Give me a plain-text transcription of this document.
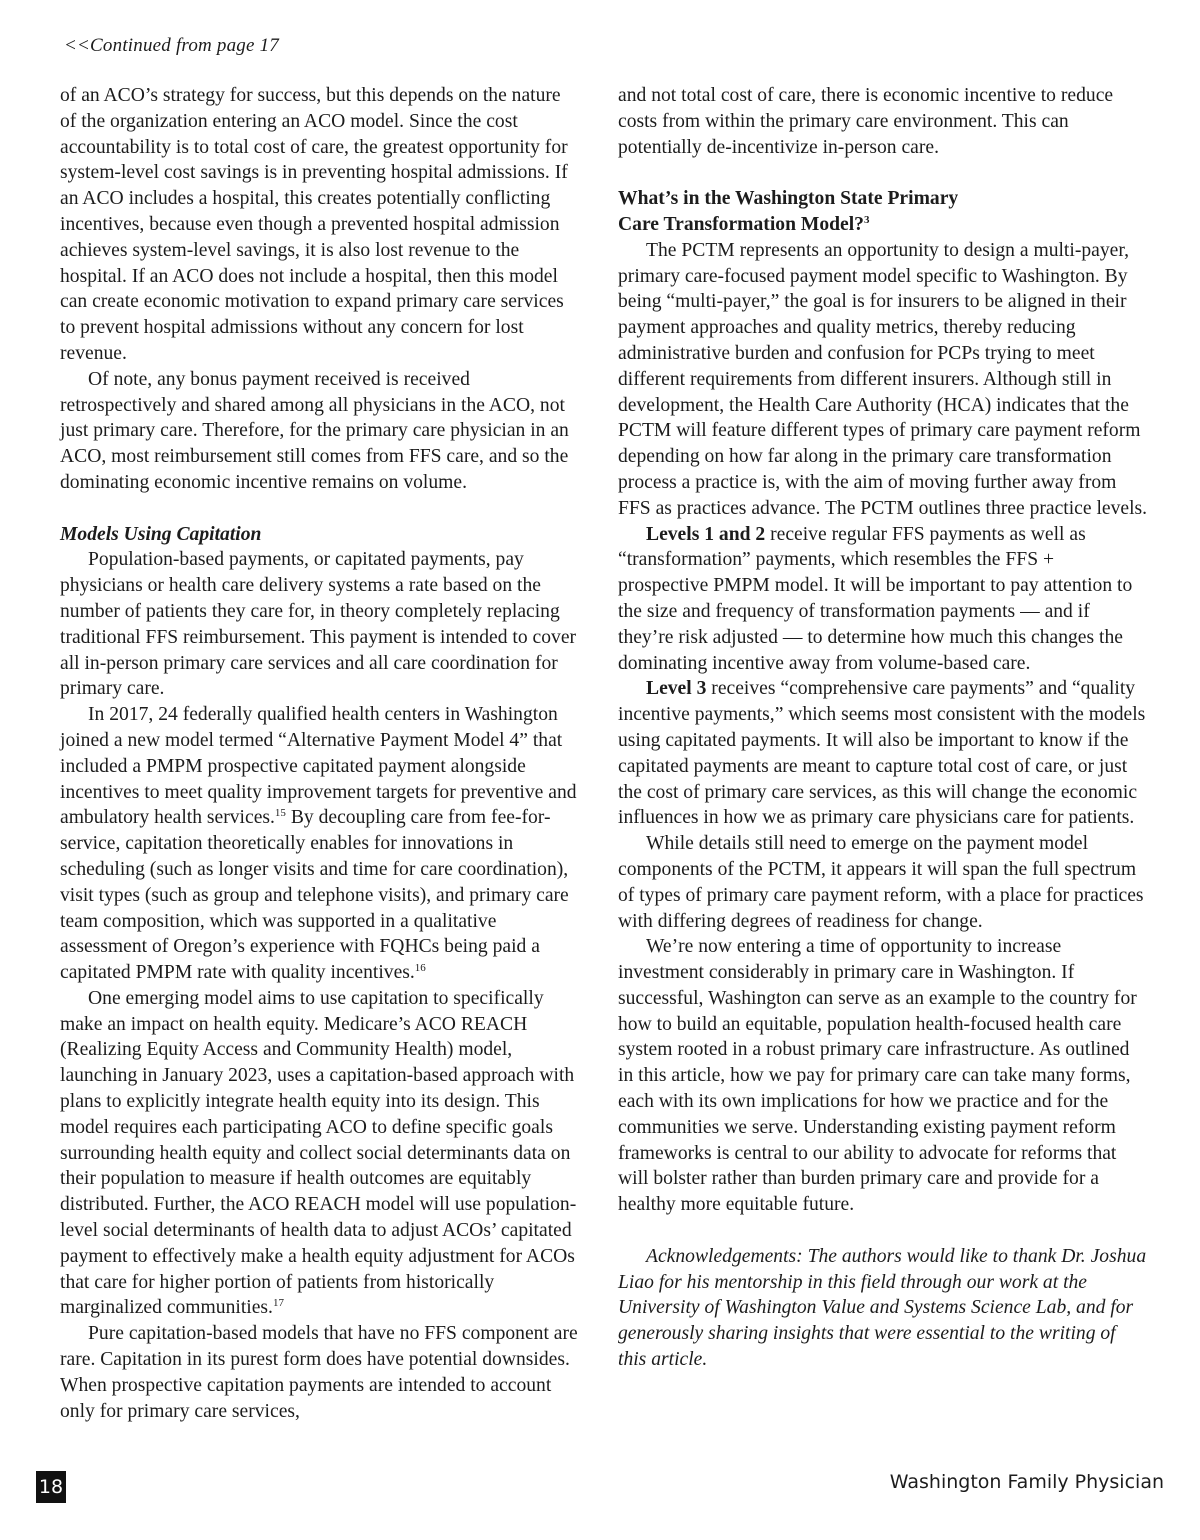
<<Continued from page 17

of an ACO’s strategy for success, but this depends on the nature of the organization entering an ACO model. Since the cost accountability is to total cost of care, the greatest opportunity for system-level cost savings is in preventing hospital admissions. If an ACO includes a hospital, this creates potentially conflicting incentives, because even though a prevented hospital admission achieves system-level savings, it is also lost revenue to the hospital. If an ACO does not include a hospital, then this model can create economic motivation to expand primary care services to prevent hospital admissions without any concern for lost revenue.

Of note, any bonus payment received is received retrospectively and shared among all physicians in the ACO, not just primary care. Therefore, for the primary care physician in an ACO, most reimbursement still comes from FFS care, and so the dominating economic incentive remains on volume.

Models Using Capitation

Population-based payments, or capitated payments, pay physicians or health care delivery systems a rate based on the number of patients they care for, in theory completely replacing traditional FFS reimbursement. This payment is intended to cover all in-person primary care services and all care coordination for primary care.

In 2017, 24 federally qualified health centers in Washington joined a new model termed “Alternative Payment Model 4” that included a PMPM prospective capitated payment alongside incentives to meet quality improvement targets for preventive and ambulatory health services.$^{15}$ By decoupling care from fee-for-service, capitation theoretically enables for innovations in scheduling (such as longer visits and time for care coordination), visit types (such as group and telephone visits), and primary care team composition, which was supported in a qualitative assessment of Oregon’s experience with FQHCs being paid a capitated PMPM rate with quality incentives.$^{16}$

One emerging model aims to use capitation to specifically make an impact on health equity. Medicare’s ACO REACH (Realizing Equity Access and Community Health) model, launching in January 2023, uses a capitation-based approach with plans to explicitly integrate health equity into its design. This model requires each participating ACO to define specific goals surrounding health equity and collect social determinants data on their population to measure if health outcomes are equitably distributed. Further, the ACO REACH model will use population-level social determinants of health data to adjust ACOs’ capitated payment to effectively make a health equity adjustment for ACOs that care for higher portion of patients from historically marginalized communities.$^{17}$

Pure capitation-based models that have no FFS component are rare. Capitation in its purest form does have potential downsides. When prospective capitation payments are intended to account only for primary care services,

and not total cost of care, there is economic incentive to reduce costs from within the primary care environment. This can potentially de-incentivize in-person care.

What’s in the Washington State Primary
Care Transformation Model?$^3$

The PCTM represents an opportunity to design a multi-payer, primary care-focused payment model specific to Washington. By being “multi-payer,” the goal is for insurers to be aligned in their payment approaches and quality metrics, thereby reducing administrative burden and confusion for PCPs trying to meet different requirements from different insurers. Although still in development, the Health Care Authority (HCA) indicates that the PCTM will feature different types of primary care payment reform depending on how far along in the primary care transformation process a practice is, with the aim of moving further away from FFS as practices advance. The PCTM outlines three practice levels.

Levels 1 and 2 receive regular FFS payments as well as “transformation” payments, which resembles the FFS + prospective PMPM model. It will be important to pay attention to the size and frequency of transformation payments — and if they’re risk adjusted — to determine how much this changes the dominating incentive away from volume-based care.

Level 3 receives “comprehensive care payments” and “quality incentive payments,” which seems most consistent with the models using capitated payments. It will also be important to know if the capitated payments are meant to capture total cost of care, or just the cost of primary care services, as this will change the economic influences in how we as primary care physicians care for patients.

While details still need to emerge on the payment model components of the PCTM, it appears it will span the full spectrum of types of primary care payment reform, with a place for practices with differing degrees of readiness for change.

We’re now entering a time of opportunity to increase investment considerably in primary care in Washington. If successful, Washington can serve as an example to the country for how to build an equitable, population health-focused health care system rooted in a robust primary care infrastructure. As outlined in this article, how we pay for primary care can take many forms, each with its own implications for how we practice and for the communities we serve. Understanding existing payment reform frameworks is central to our ability to advocate for reforms that will bolster rather than burden primary care and provide for a healthy more equitable future.

Acknowledgements: The authors would like to thank Dr. Joshua Liao for his mentorship in this field through our work at the University of Washington Value and Systems Science Lab, and for generously sharing insights that were essential to the writing of this article.

18	Washington Family Physician
